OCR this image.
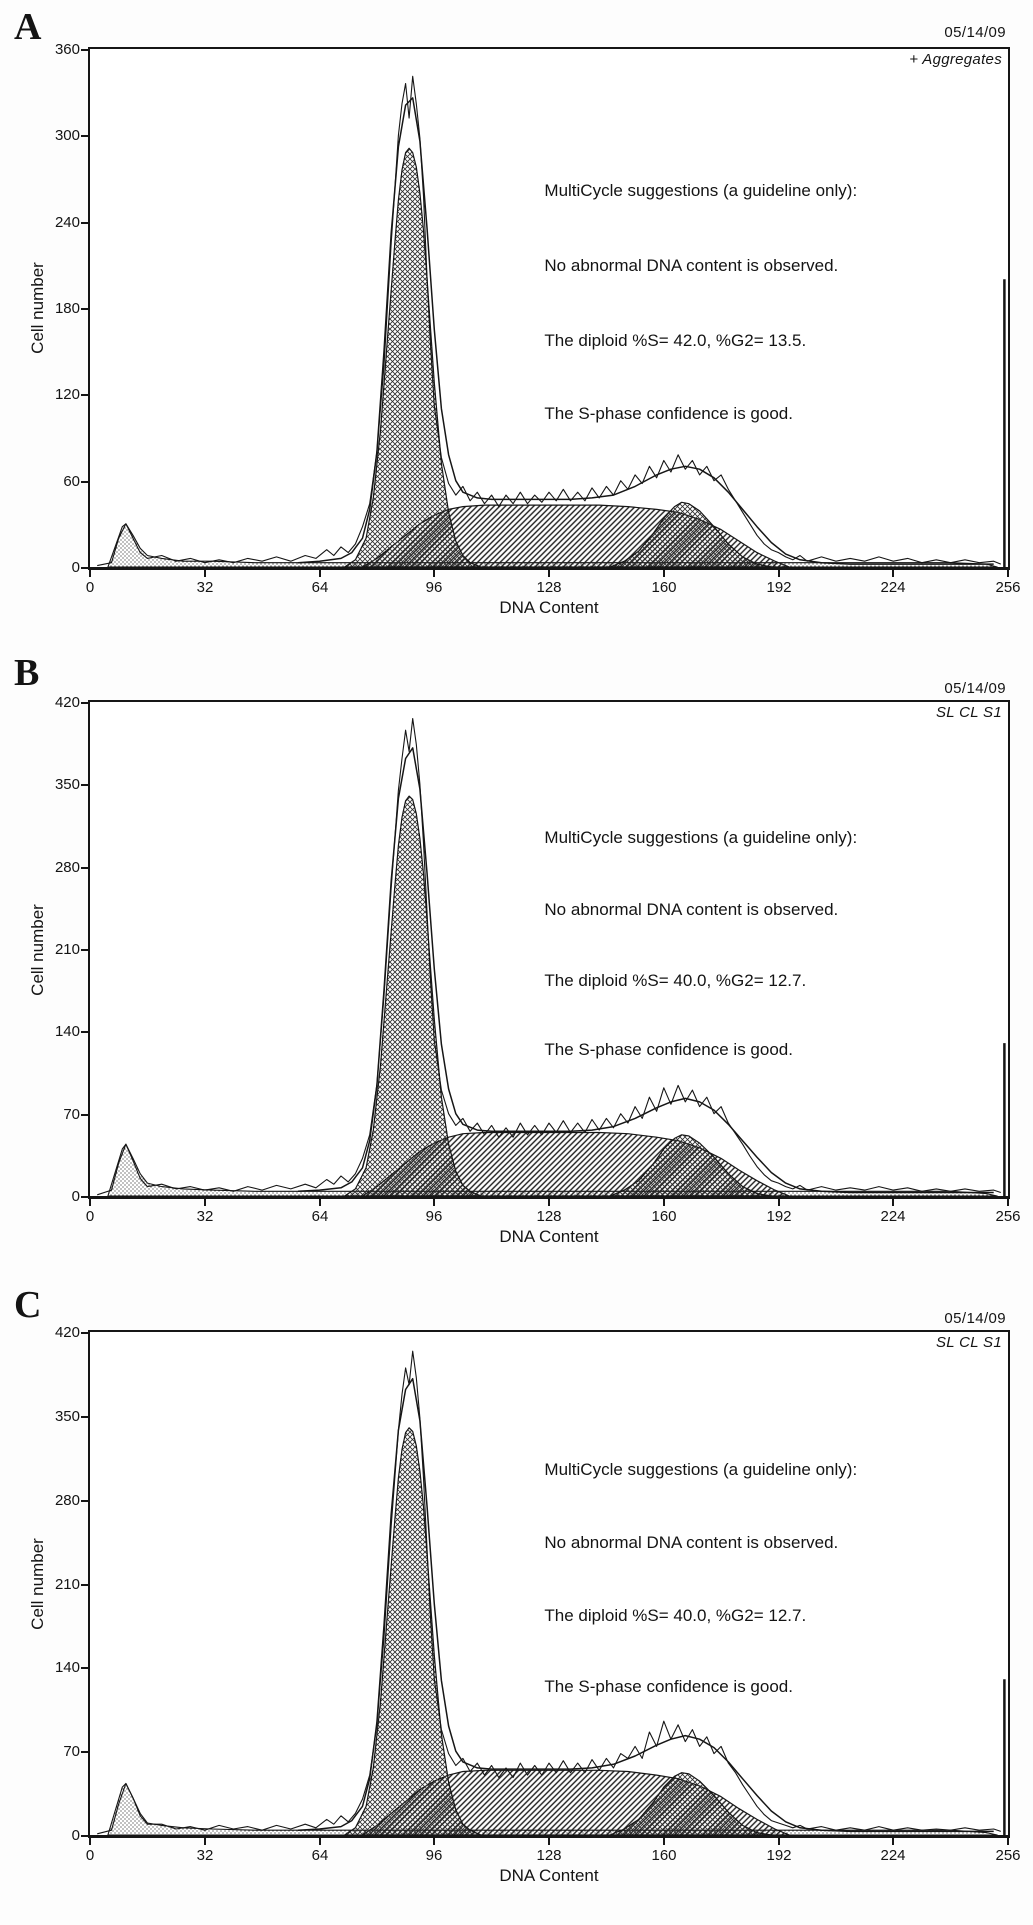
A	05/14/09
+ Aggregates
MultiCycle suggestions (a guideline only):
No abnormal DNA content is observed.
The diploid %S= 42.0, %G2= 13.5.
The S-phase confidence is good.
Cell number
DNA Content
0
60
120
180
240
300
360
0	32	64	96	128	160	192	224	256
B	05/14/09
SL CL S1
MultiCycle suggestions (a guideline only):
No abnormal DNA content is observed.
The diploid %S= 40.0, %G2= 12.7.
The S-phase confidence is good.
Cell number
DNA Content
0
70
140
210
280
350
420
0	32	64	96	128	160	192	224	256
C	05/14/09
SL CL S1
MultiCycle suggestions (a guideline only):
No abnormal DNA content is observed.
The diploid %S= 40.0, %G2= 12.7.
The S-phase confidence is good.
Cell number
DNA Content
0
70
140
210
280
350
420
0	32	64	96	128	160	192	224	256
